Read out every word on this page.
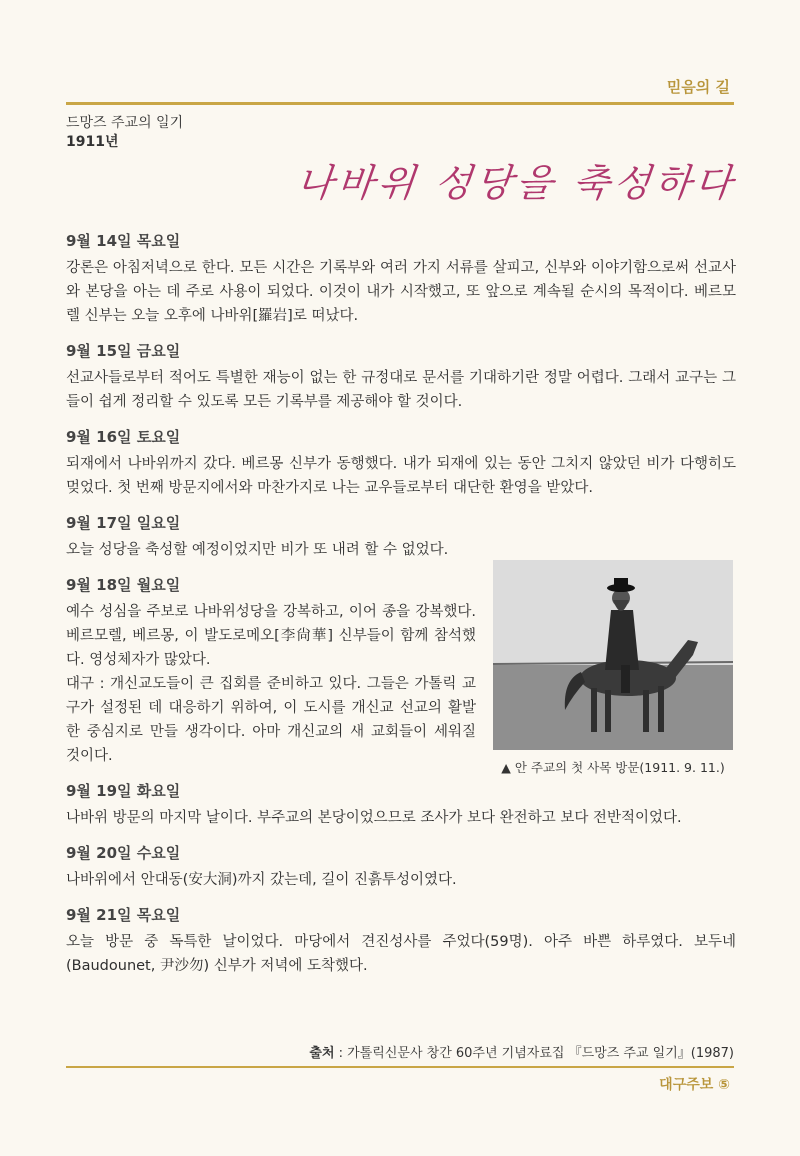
믿음의 길
드망즈 주교의 일기
1911년
나바위 성당을 축성하다
9월 14일 목요일

강론은 아침저녁으로 한다. 모든 시간은 기록부와 여러 가지 서류를 살피고, 신부와 이야기함으로써 선교사와 본당을 아는 데 주로 사용이 되었다. 이것이 내가 시작했고, 또 앞으로 계속될 순시의 목적이다. 베르모렐 신부는 오늘 오후에 나바위[羅岩]로 떠났다.

9월 15일 금요일

선교사들로부터 적어도 특별한 재능이 없는 한 규정대로 문서를 기대하기란 정말 어렵다. 그래서 교구는 그들이 쉽게 정리할 수 있도록 모든 기록부를 제공해야 할 것이다.

9월 16일 토요일

되재에서 나바위까지 갔다. 베르몽 신부가 동행했다. 내가 되재에 있는 동안 그치지 않았던 비가 다행히도 멎었다. 첫 번째 방문지에서와 마찬가지로 나는 교우들로부터 대단한 환영을 받았다.

9월 17일 일요일

오늘 성당을 축성할 예정이었지만 비가 또 내려 할 수 없었다.

9월 18일 월요일

예수 성심을 주보로 나바위성당을 강복하고, 이어 종을 강복했다. 베르모렐, 베르몽, 이 발도로메오[李尙華] 신부들이 함께 참석했다. 영성체자가 많았다.

대구 : 개신교도들이 큰 집회를 준비하고 있다. 그들은 가톨릭 교구가 설정된 데 대응하기 위하여, 이 도시를 개신교 선교의 활발한 중심지로 만들 생각이다. 아마 개신교의 새 교회들이 세워질 것이다.

9월 19일 화요일

나바위 방문의 마지막 날이다. 부주교의 본당이었으므로 조사가 보다 완전하고 보다 전반적이었다.

9월 20일 수요일

나바위에서 안대동(安大洞)까지 갔는데, 길이 진흙투성이였다.

9월 21일 목요일

오늘 방문 중 독특한 날이었다. 마당에서 견진성사를 주었다(59명). 아주 바쁜 하루였다. 보두네(Baudounet, 尹沙勿) 신부가 저녁에 도착했다.

▲ 안 주교의 첫 사목 방문(1911. 9. 11.)
출처 : 가톨릭신문사 창간 60주년 기념자료집 『드망즈 주교 일기』(1987)
대구주보 ⑤
